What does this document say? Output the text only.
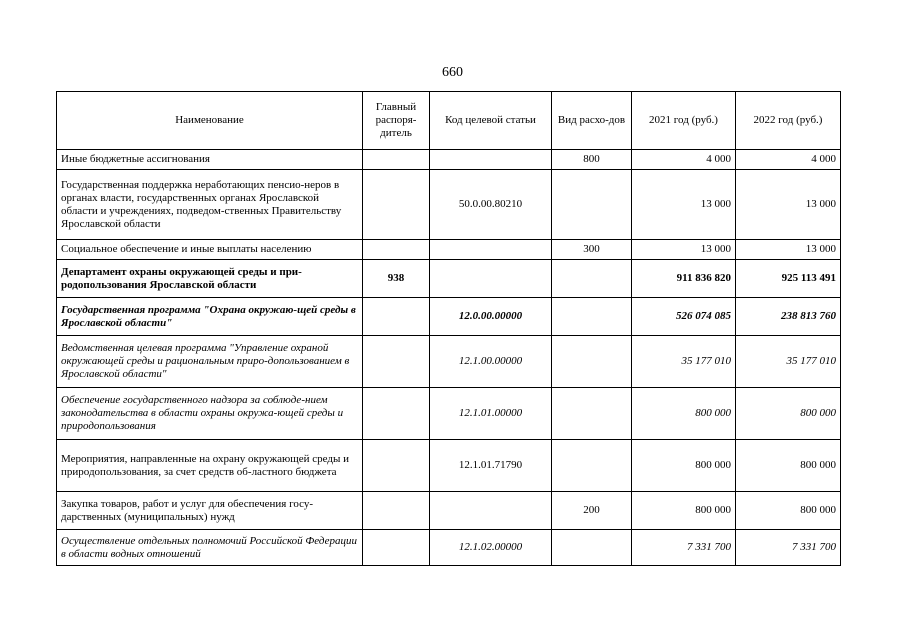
660
Наименование	Главный распоря-дитель	Код целевой статьи	Вид расхо-дов	2021 год (руб.)	2022 год (руб.)
Иные бюджетные ассигнования			800	4 000	4 000
Государственная поддержка неработающих пенсио-неров в органах власти, государственных органах Ярославской области и учреждениях, подведом-ственных Правительству Ярославской области		50.0.00.80210		13 000	13 000
Социальное обеспечение и иные выплаты населению			300	13 000	13 000
Департамент охраны окружающей среды и при-родопользования Ярославской области	938			911 836 820	925 113 491
Государственная программа "Охрана окружаю-щей среды в Ярославской области"		12.0.00.00000		526 074 085	238 813 760
Ведомственная целевая программа "Управление охраной окружающей среды и рациональным приро-допользованием в Ярославской области"		12.1.00.00000		35 177 010	35 177 010
Обеспечение государственного надзора за соблюде-нием законодательства в области охраны окружа-ющей среды и природопользования		12.1.01.00000		800 000	800 000
Мероприятия, направленные на охрану окружающей среды и природопользования, за счет средств об-ластного бюджета		12.1.01.71790		800 000	800 000
Закупка товаров, работ и услуг для обеспечения госу-дарственных (муниципальных) нужд			200	800 000	800 000
Осуществление отдельных полномочий Российской Федерации в области водных отношений		12.1.02.00000		7 331 700	7 331 700
